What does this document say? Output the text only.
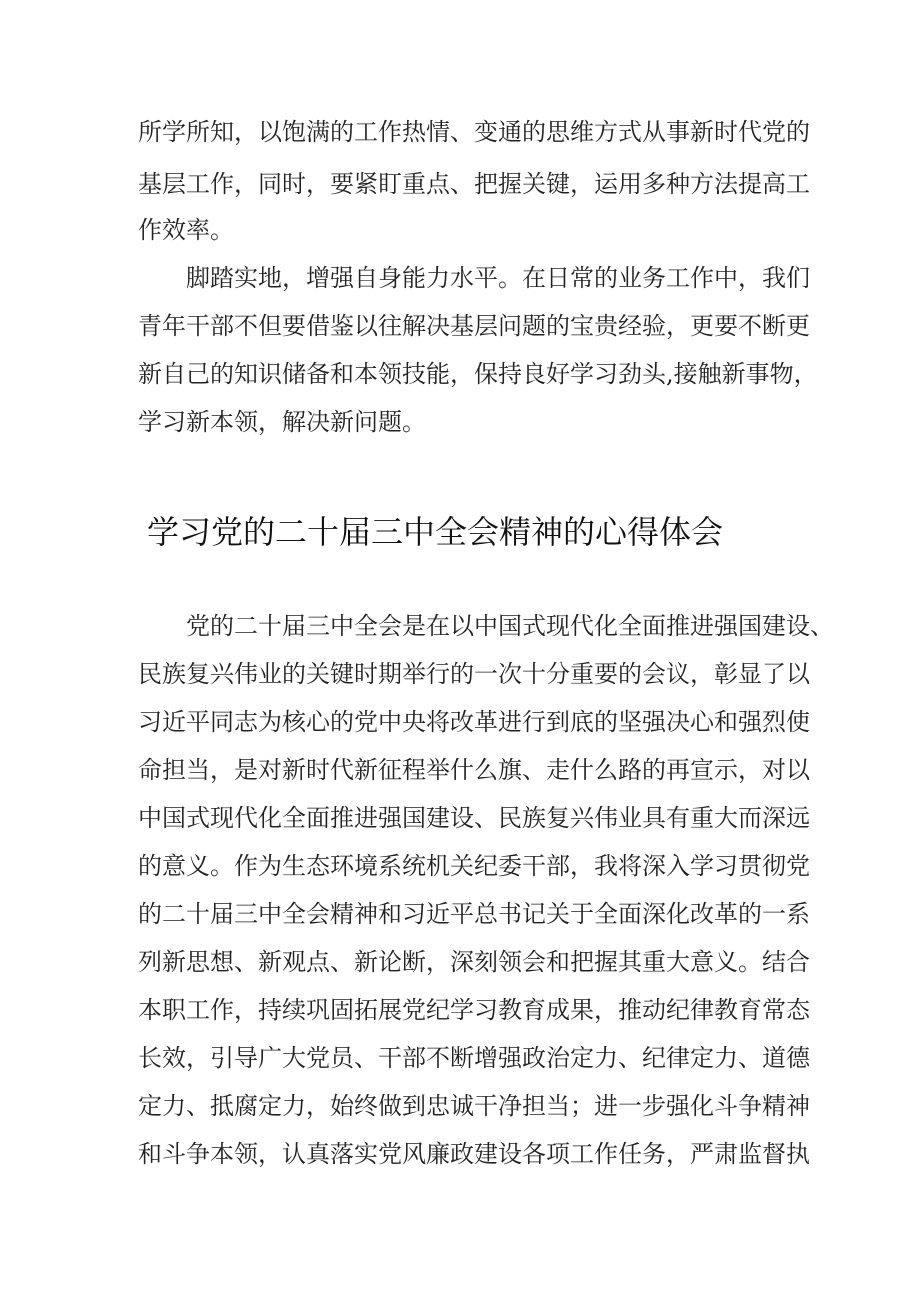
所学所知，以饱满的工作热情、变通的思维方式从事新时代党的
基层工作，同时，要紧盯重点、把握关键，运用多种方法提高工
作效率。
脚踏实地，增强自身能力水平。在日常的业务工作中，我们
青年干部不但要借鉴以往解决基层问题的宝贵经验，更要不断更
新自己的知识储备和本领技能，保持良好学习劲头,接触新事物，
学习新本领，解决新问题。
学习党的二十届三中全会精神的心得体会
党的二十届三中全会是在以中国式现代化全面推进强国建设、
民族复兴伟业的关键时期举行的一次十分重要的会议，彰显了以
习近平同志为核心的党中央将改革进行到底的坚强决心和强烈使
命担当，是对新时代新征程举什么旗、走什么路的再宣示，对以
中国式现代化全面推进强国建设、民族复兴伟业具有重大而深远
的意义。作为生态环境系统机关纪委干部，我将深入学习贯彻党
的二十届三中全会精神和习近平总书记关于全面深化改革的一系
列新思想、新观点、新论断，深刻领会和把握其重大意义。结合
本职工作，持续巩固拓展党纪学习教育成果，推动纪律教育常态
长效，引导广大党员、干部不断增强政治定力、纪律定力、道德
定力、抵腐定力，始终做到忠诚干净担当；进一步强化斗争精神
和斗争本领，认真落实党风廉政建设各项工作任务，严肃监督执
